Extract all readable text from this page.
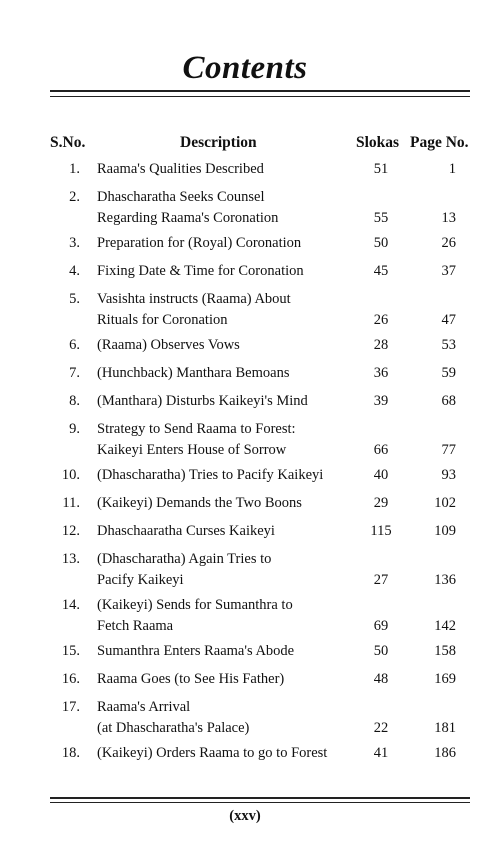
Contents
S.No.	Description	Slokas Page No.
1. Raama's Qualities Described	51	1
2. Dhascharatha Seeks Counsel
Regarding Raama's Coronation	55	13
3. Preparation for (Royal) Coronation	50	26
4. Fixing Date & Time for Coronation	45	37
5. Vasishta instructs (Raama) About
Rituals for Coronation	26	47
6. (Raama) Observes Vows	28	53
7. (Hunchback) Manthara Bemoans	36	59
8. (Manthara) Disturbs Kaikeyi's Mind	39	68
9. Strategy to Send Raama to Forest:
Kaikeyi Enters House of Sorrow	66	77
10. (Dhascharatha) Tries to Pacify Kaikeyi	40	93
11. (Kaikeyi) Demands the Two Boons	29	102
12. Dhaschaaratha Curses Kaikeyi	115	109
13. (Dhascharatha) Again Tries to
Pacify Kaikeyi	27	136
14. (Kaikeyi) Sends for Sumanthra to
Fetch Raama	69	142
15. Sumanthra Enters Raama's Abode	50	158
16. Raama Goes (to See His Father)	48	169
17. Raama's Arrival
(at Dhascharatha's Palace)	22	181
18. (Kaikeyi) Orders Raama to go to Forest	41	186
(xxv)
